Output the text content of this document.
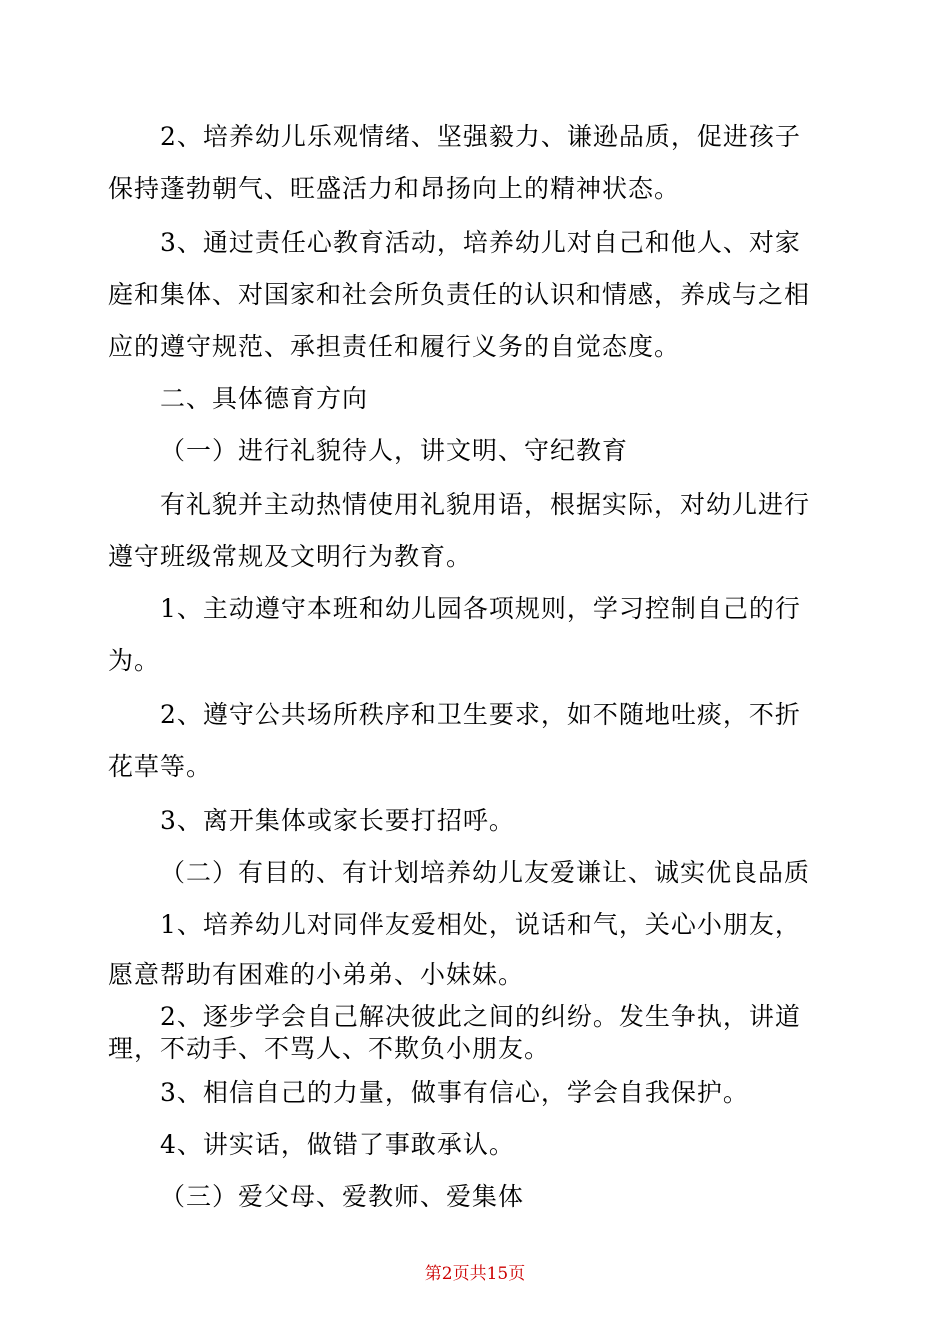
2、培养幼儿乐观情绪、坚强毅力、谦逊品质，促进孩子
保持蓬勃朝气、旺盛活力和昂扬向上的精神状态。
3、通过责任心教育活动，培养幼儿对自己和他人、对家
庭和集体、对国家和社会所负责任的认识和情感，养成与之相
应的遵守规范、承担责任和履行义务的自觉态度。
二、具体德育方向
（一）进行礼貌待人，讲文明、守纪教育
有礼貌并主动热情使用礼貌用语，根据实际，对幼儿进行
遵守班级常规及文明行为教育。
1、主动遵守本班和幼儿园各项规则，学习控制自己的行
为。
2、遵守公共场所秩序和卫生要求，如不随地吐痰，不折
花草等。
3、离开集体或家长要打招呼。
（二）有目的、有计划培养幼儿友爱谦让、诚实优良品质
1、培养幼儿对同伴友爱相处，说话和气，关心小朋友，
愿意帮助有困难的小弟弟、小妹妹。
2、逐步学会自己解决彼此之间的纠纷。发生争执，讲道
理，不动手、不骂人、不欺负小朋友。
3、相信自己的力量，做事有信心，学会自我保护。
4、讲实话，做错了事敢承认。
（三）爱父母、爱教师、爱集体
第2页共15页
